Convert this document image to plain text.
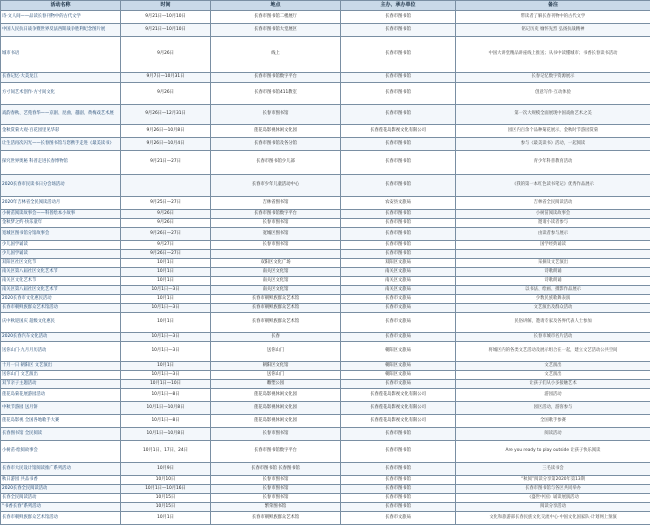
活动名称	时间	地点	主办、承办单位	备注
诗·文人间——品读长春刊物中的古代文学	9月21日—10月10日	长春市图书馆二楼展厅	长春市图书馆	带读者了解长春刊物中的古代文学
中国人民抗日战争暨世界反法西斯战争胜利纪念图片展	9月21日—10月10日	长春市图书馆大堂展区	长春市图书馆	铭记历史 缅怀先烈 弘扬抗战精神
城市书语	9月26日	线上	长春市图书馆	中国大讲堂精品讲座线上推送；从书中读懂城市；书香长春读书活动
长春记忆·大美龙江	9月7日—10月31日	长春市图书馆数字平台	长春市图书馆	长春记忆数字资源展示
方寸间艺术创作·方寸间文化	9月26日	长春市图书馆411教室	长春市图书馆	创意写作·互动体验
戏韵春秋、艺苑春华——京剧、昆曲、越剧、黄梅戏艺术展	9月26日—12月31日	长春市图书馆	长春市图书馆	第一次大规模全面展现中国戏曲艺术之美
金秋赏菊大观·百花园里见华彩	9月26日—10月8日	莲花岛影视休闲文化园	长春莲花岛影视文化有限公司	园区内百余个品种菊花展示，金秋时节游园赏菊
让生活再次闪光——长春图书馆与您携手走进《最美读书》	9月26日—10月4日	长春市图书馆及各分馆	长春市图书馆	参与《最美读书》活动，一起阅读
探究世界奥秘 科普走进长春博物馆	9月21日—27日	长春市图书馆少儿部	长春市图书馆	青少年科普教育活动
2020长春市民读书日分会场活动		长春市少年儿童活动中心	长春市图书馆	《我的第一本红色读书笔记》优秀作品展示
2020年吉林省全民阅读活动月	9月25日—27日	吉林省图书馆	农安县文旅局	吉林省全民阅读活动
小树苗阅读故事会——科普绘本小故事	9月26日	长春市图书馆数字平台	长春市图书馆	小树苗阅读故事会
金秋梦之约·快乐童年	9月26日	长春市图书馆	长春市图书馆	邀请小读者参与
宽城区图书馆分馆故事会	9月26日—27日	宽城区图书馆	长春市图书馆	由读者参与展示
少儿国学诵读	9月27日	长春市图书馆	长春市图书馆	国学经典诵读
少儿国学诵读	9月26日—27日		长春市图书馆	
双阳区社区文化节	10月1日	双阳区文化广场	双阳区文旅局	采摘及文艺演出
南关区第八届社区文化艺术节	10月1日	南关区文化馆	南关区文旅局	诗歌朗诵
南关区文化艺术节	10月1日	南关区文化馆	南关区文旅局	诗歌朗诵
南关区第八届社区文化艺术节	10月1日—3日	南关区文化馆	南关区文旅局	以书法、绘画、摄影作品展示
2020长春市文化惠民活动	10月1日	长春市朝鲜族群众艺术馆	长春市文旅局	少数民族歌舞表演
长春市朝鲜族群众艺术馆活动	10月1日—3日	长春市朝鲜族群众艺术馆	长春市文旅局	文艺演出及群众活动
庆中秋迎国庆 超级文化惠民	10月1日	长春市朝鲜族群众艺术馆	长春市文旅局	民俗讲解，邀请专家及各界代表人士参加
2020长春汽车文化活动	10月1日—3日	长春	长春市文旅局	长春市城市名片活动
送你山门·九月月历活动	10月1日—3日	送你山门	朝阳区文旅局	将城区内的各类文艺活动及展示组合在一起，建立文艺活动公共空间
十月一日 朝阳区 文艺演出	10月1日	朝阳区文化馆	朝阳区文旅局	文艺演出
送你山门 文艺演出	10月1日—3日	送你山门	朝阳区文旅局	文艺演出
双节亲子主题活动	10月1日—10日	雕塑公园	长春市文旅局	让孩子们从小多接触艺术
莲花岛菊花展游园活动	10月1日—8日	莲花岛影视休闲文化园	长春莲花岛影视文化有限公司	游园活动
中秋节游园 送月饼	10月1日—10月8日	莲花岛影视休闲文化园	长春莲花岛影视文化有限公司	园区活动，游客参与
莲花岛影视 全国各地歌手大赛	10月1日—8日	莲花岛影视休闲文化园	长春莲花岛影视文化有限公司	全国歌手参赛
长春图书馆 全民阅读	10月1日—10月8日	长春市图书馆	长春市图书馆	阅读活动
小树苗·绘阅故事会	10月1日、17日、24日	长春市图书馆数字平台	长春市图书馆	Are you ready to play outside 让孩子快乐阅读
长春市大民设计馆阅读推广系列活动	10月9日	长春市图书馆 长春图书馆	长春市图书馆	三毛读书会
秋日游园 共品书香	10月10日	长春市图书馆	长春市图书馆	“秋阅”阅读分享第2020年第13期
2020长春全民阅读活动	10月1日—10月16日	长春市图书馆	长春市图书馆	长春市图书馆与各区共同举办
长春全民阅读活动	10月15日	长春市图书馆	长春市图书馆	《盛世中国》诵读展演活动
“书香长春”系列活动	10月15日	繁荣图书馆	长春市图书馆	阅读分享活动
长春市朝鲜族群众艺术馆活动	10月1日	长春市朝鲜族群众艺术馆	长春市文旅局	文化和旅游部长春民族文化交流中心·中国文化国家队·计划网上预演
